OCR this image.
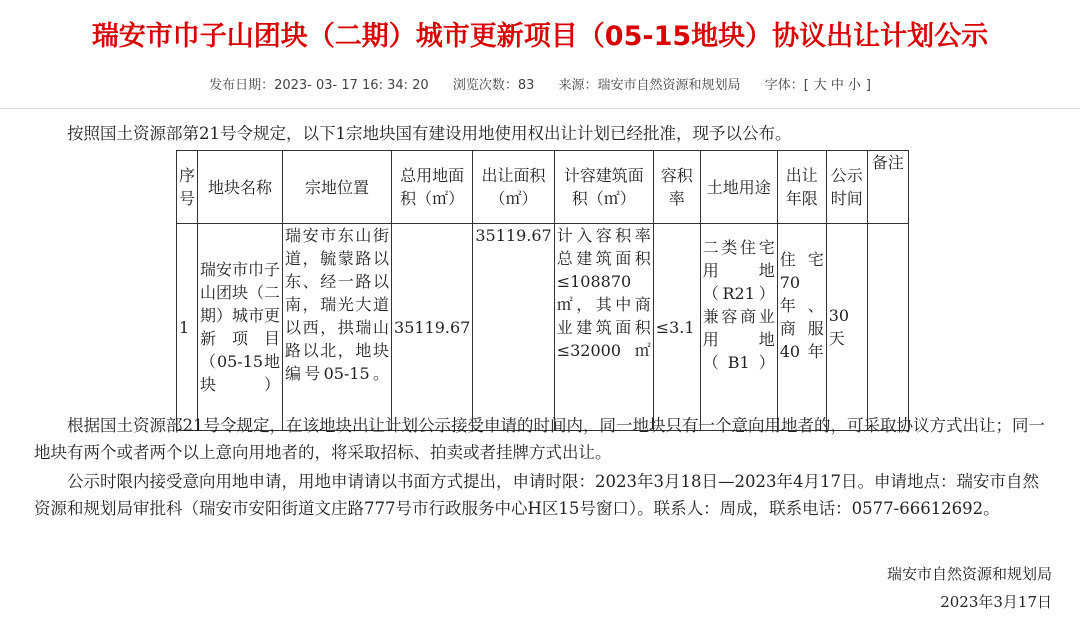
瑞安市巾子山团块（二期）城市更新项目（05-15地块）协议出让计划公示
发布日期：2023- 03- 17 16: 34: 20 浏览次数：83 来源：瑞安市自然资源和规划局 字体：[ 大 中 小 ]
按照国土资源部第21号令规定，以下1宗地块国有建设用地使用权出让计划已经批准，现予以公布。
序号	地块名称	宗地位置	总用地面积（㎡）	出让面积（㎡）	计容建筑面积（㎡）	容积率	土地用途	出让年限	公示时间	备注
1	瑞安市巾子山团块（二期）城市更新项目（05-15地块）	瑞安市东山街道，毓蒙路以东、经一路以南，瑞光大道以西，拱瑞山路以北，地块编号05-15。	35119.67	35119.67	计入容积率总建筑面积≤108870㎡，其中商业建筑面积≤32000㎡	≤3.1	二类住宅用地（R21）兼容商业用地（B1）	住宅70年、商服40年	30天	
根据国土资源部21号令规定，在该地块出让计划公示接受申请的时间内，同一地块只有一个意向用地者的，可采取协议方式出让；同一地块有两个或者两个以上意向用地者的，将采取招标、拍卖或者挂牌方式出让。
公示时限内接受意向用地申请，用地申请请以书面方式提出，申请时限：2023年3月18日—2023年4月17日。申请地点：瑞安市自然资源和规划局审批科（瑞安市安阳街道文庄路777号市行政服务中心H区15号窗口）。联系人：周成，联系电话：0577-66612692。
瑞安市自然资源和规划局
2023年3月17日
